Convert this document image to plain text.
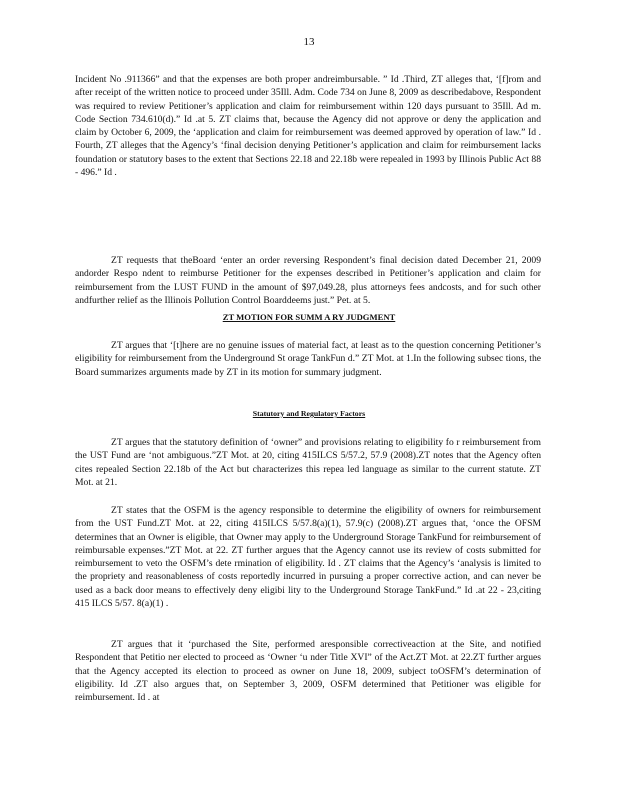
13

Incident No .911366” and that the expenses are both proper andreimbursable. ” Id .Third, ZT alleges that, ‘[f]rom and after receipt of the written notice to proceed under 35Ill. Adm. Code 734 on June 8, 2009 as describedabove, Respondent was required to review Petitioner’s application and claim for reimbursement within 120 days pursuant to 35Ill. Ad m. Code Section 734.610(d).” Id .at 5. ZT claims that, because the Agency did not approve or deny the application and claim by October 6, 2009, the ‘application and claim for reimbursement was deemed approved by operation of law.” Id . Fourth, ZT alleges that the Agency’s ‘final decision denying Petitioner’s application and claim for reimbursement lacks foundation or statutory bases to the extent that Sections 22.18 and 22.18b were repealed in 1993 by Illinois Public Act 88 - 496.” Id .

ZT requests that theBoard ‘enter an order reversing Respondent’s final decision dated December 21, 2009 andorder Respo ndent to reimburse Petitioner for the expenses described in Petitioner’s application and claim for reimbursement from the LUST FUND in the amount of $97,049.28, plus attorneys fees andcosts, and for such other andfurther relief as the Illinois Pollution Control Boarddeems just.” Pet. at 5.

ZT MOTION FOR SUMM A RY JUDGMENT

ZT argues that ‘[t]here are no genuine issues of material fact, at least as to the question concerning Petitioner’s eligibility for reimbursement from the Underground St orage TankFun d.” ZT Mot. at 1.In the following subsec tions, the Board summarizes arguments made by ZT in its motion for summary judgment.

Statutory and Regulatory Factors

ZT argues that the statutory definition of ‘owner” and provisions relating to eligibility fo r reimbursement from the UST Fund are ‘not ambiguous.”ZT Mot. at 20, citing 415ILCS 5/57.2, 57.9 (2008).ZT notes that the Agency often cites repealed Section 22.18b of the Act but characterizes this repea led language as similar to the current statute. ZT Mot. at 21.

ZT states that the OSFM is the agency responsible to determine the eligibility of owners for reimbursement from the UST Fund.ZT Mot. at 22, citing 415ILCS 5/57.8(a)(1), 57.9(c) (2008).ZT argues that, ‘once the OFSM determines that an Owner is eligible, that Owner may apply to the Underground Storage TankFund for reimbursement of reimbursable expenses.”ZT Mot. at 22. ZT further argues that the Agency cannot use its review of costs submitted for reimbursement to veto the OSFM’s dete rmination of eligibility. Id . ZT claims that the Agency’s ‘analysis is limited to the propriety and reasonableness of costs reportedly incurred in pursuing a proper corrective action, and can never be used as a back door means to effectively deny eligibi lity to the Underground Storage TankFund.” Id .at 22 - 23,citing 415 ILCS 5/57. 8(a)(1) .

ZT argues that it ‘purchased the Site, performed aresponsible correctiveaction at the Site, and notified Respondent that Petitio ner elected to proceed as ‘Owner ‘u nder Title XVI” of the Act.ZT Mot. at 22.ZT further argues that the Agency accepted its election to proceed as owner on June 18, 2009, subject toOSFM’s determination of eligibility. Id .ZT also argues that, on September 3, 2009, OSFM determined that Petitioner was eligible for reimbursement. Id . at
